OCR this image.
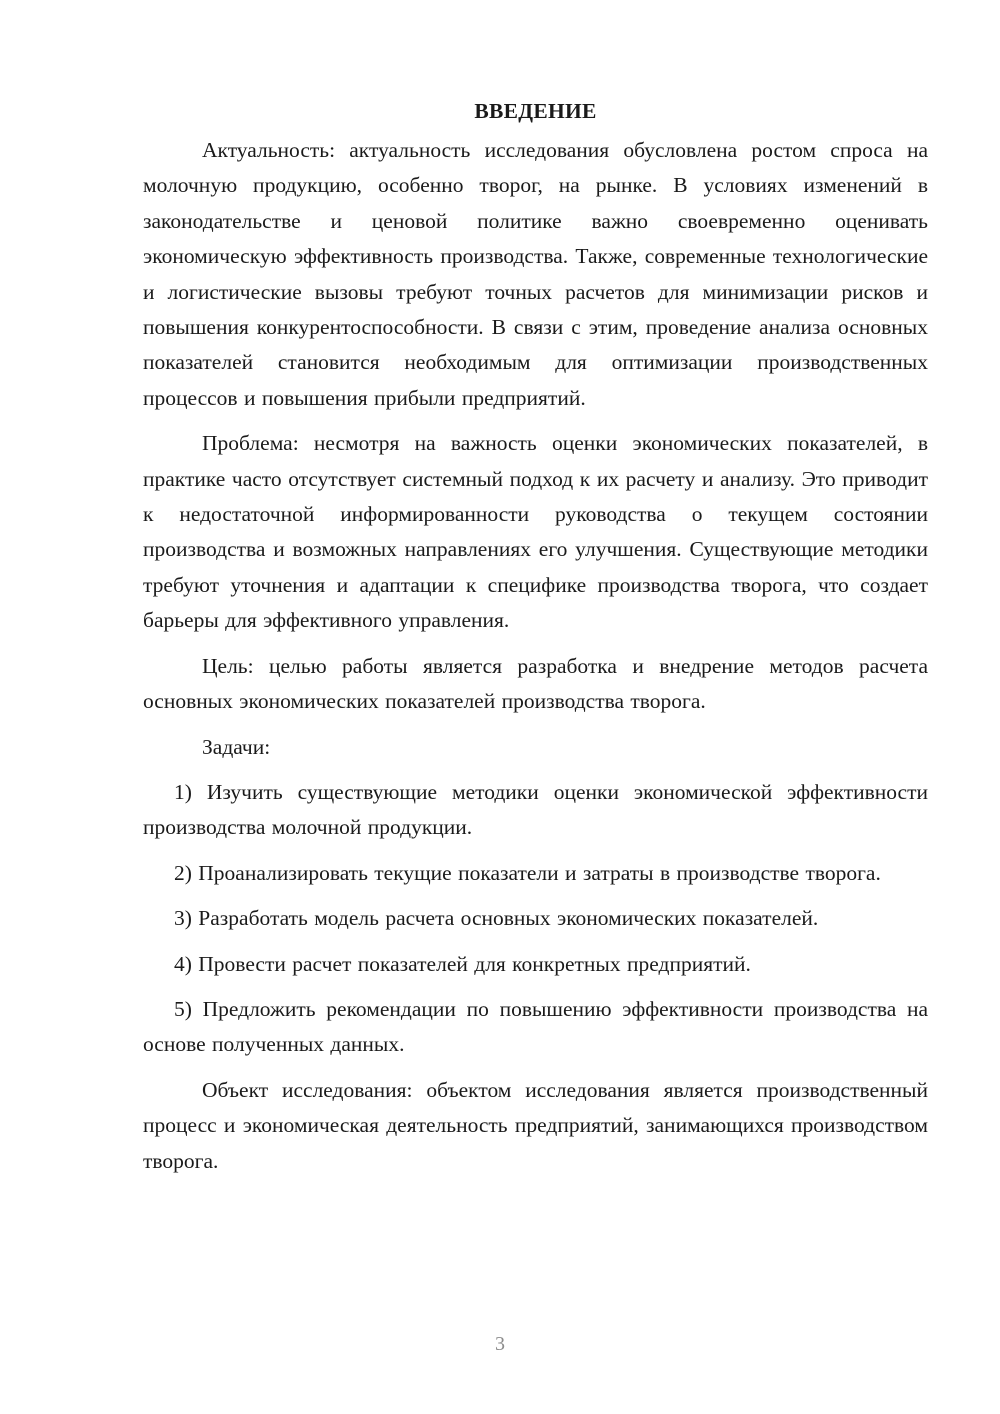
ВВЕДЕНИЕ

Актуальность: актуальность исследования обусловлена ростом спроса на молочную продукцию, особенно творог, на рынке. В условиях изменений в законодательстве и ценовой политике важно своевременно оценивать экономическую эффективность производства. Также, современные технологические и логистические вызовы требуют точных расчетов для минимизации рисков и повышения конкурентоспособности. В связи с этим, проведение анализа основных показателей становится необходимым для оптимизации производственных процессов и повышения прибыли предприятий.

Проблема: несмотря на важность оценки экономических показателей, в практике часто отсутствует системный подход к их расчету и анализу. Это приводит к недостаточной информированности руководства о текущем состоянии производства и возможных направлениях его улучшения. Существующие методики требуют уточнения и адаптации к специфике производства творога, что создает барьеры для эффективного управления.

Цель: целью работы является разработка и внедрение методов расчета основных экономических показателей производства творога.

Задачи:

1) Изучить существующие методики оценки экономической эффективности производства молочной продукции.

2) Проанализировать текущие показатели и затраты в производстве творога.

3) Разработать модель расчета основных экономических показателей.

4) Провести расчет показателей для конкретных предприятий.

5) Предложить рекомендации по повышению эффективности производства на основе полученных данных.

Объект исследования: объектом исследования является производственный процесс и экономическая деятельность предприятий, занимающихся производством творога.

3
